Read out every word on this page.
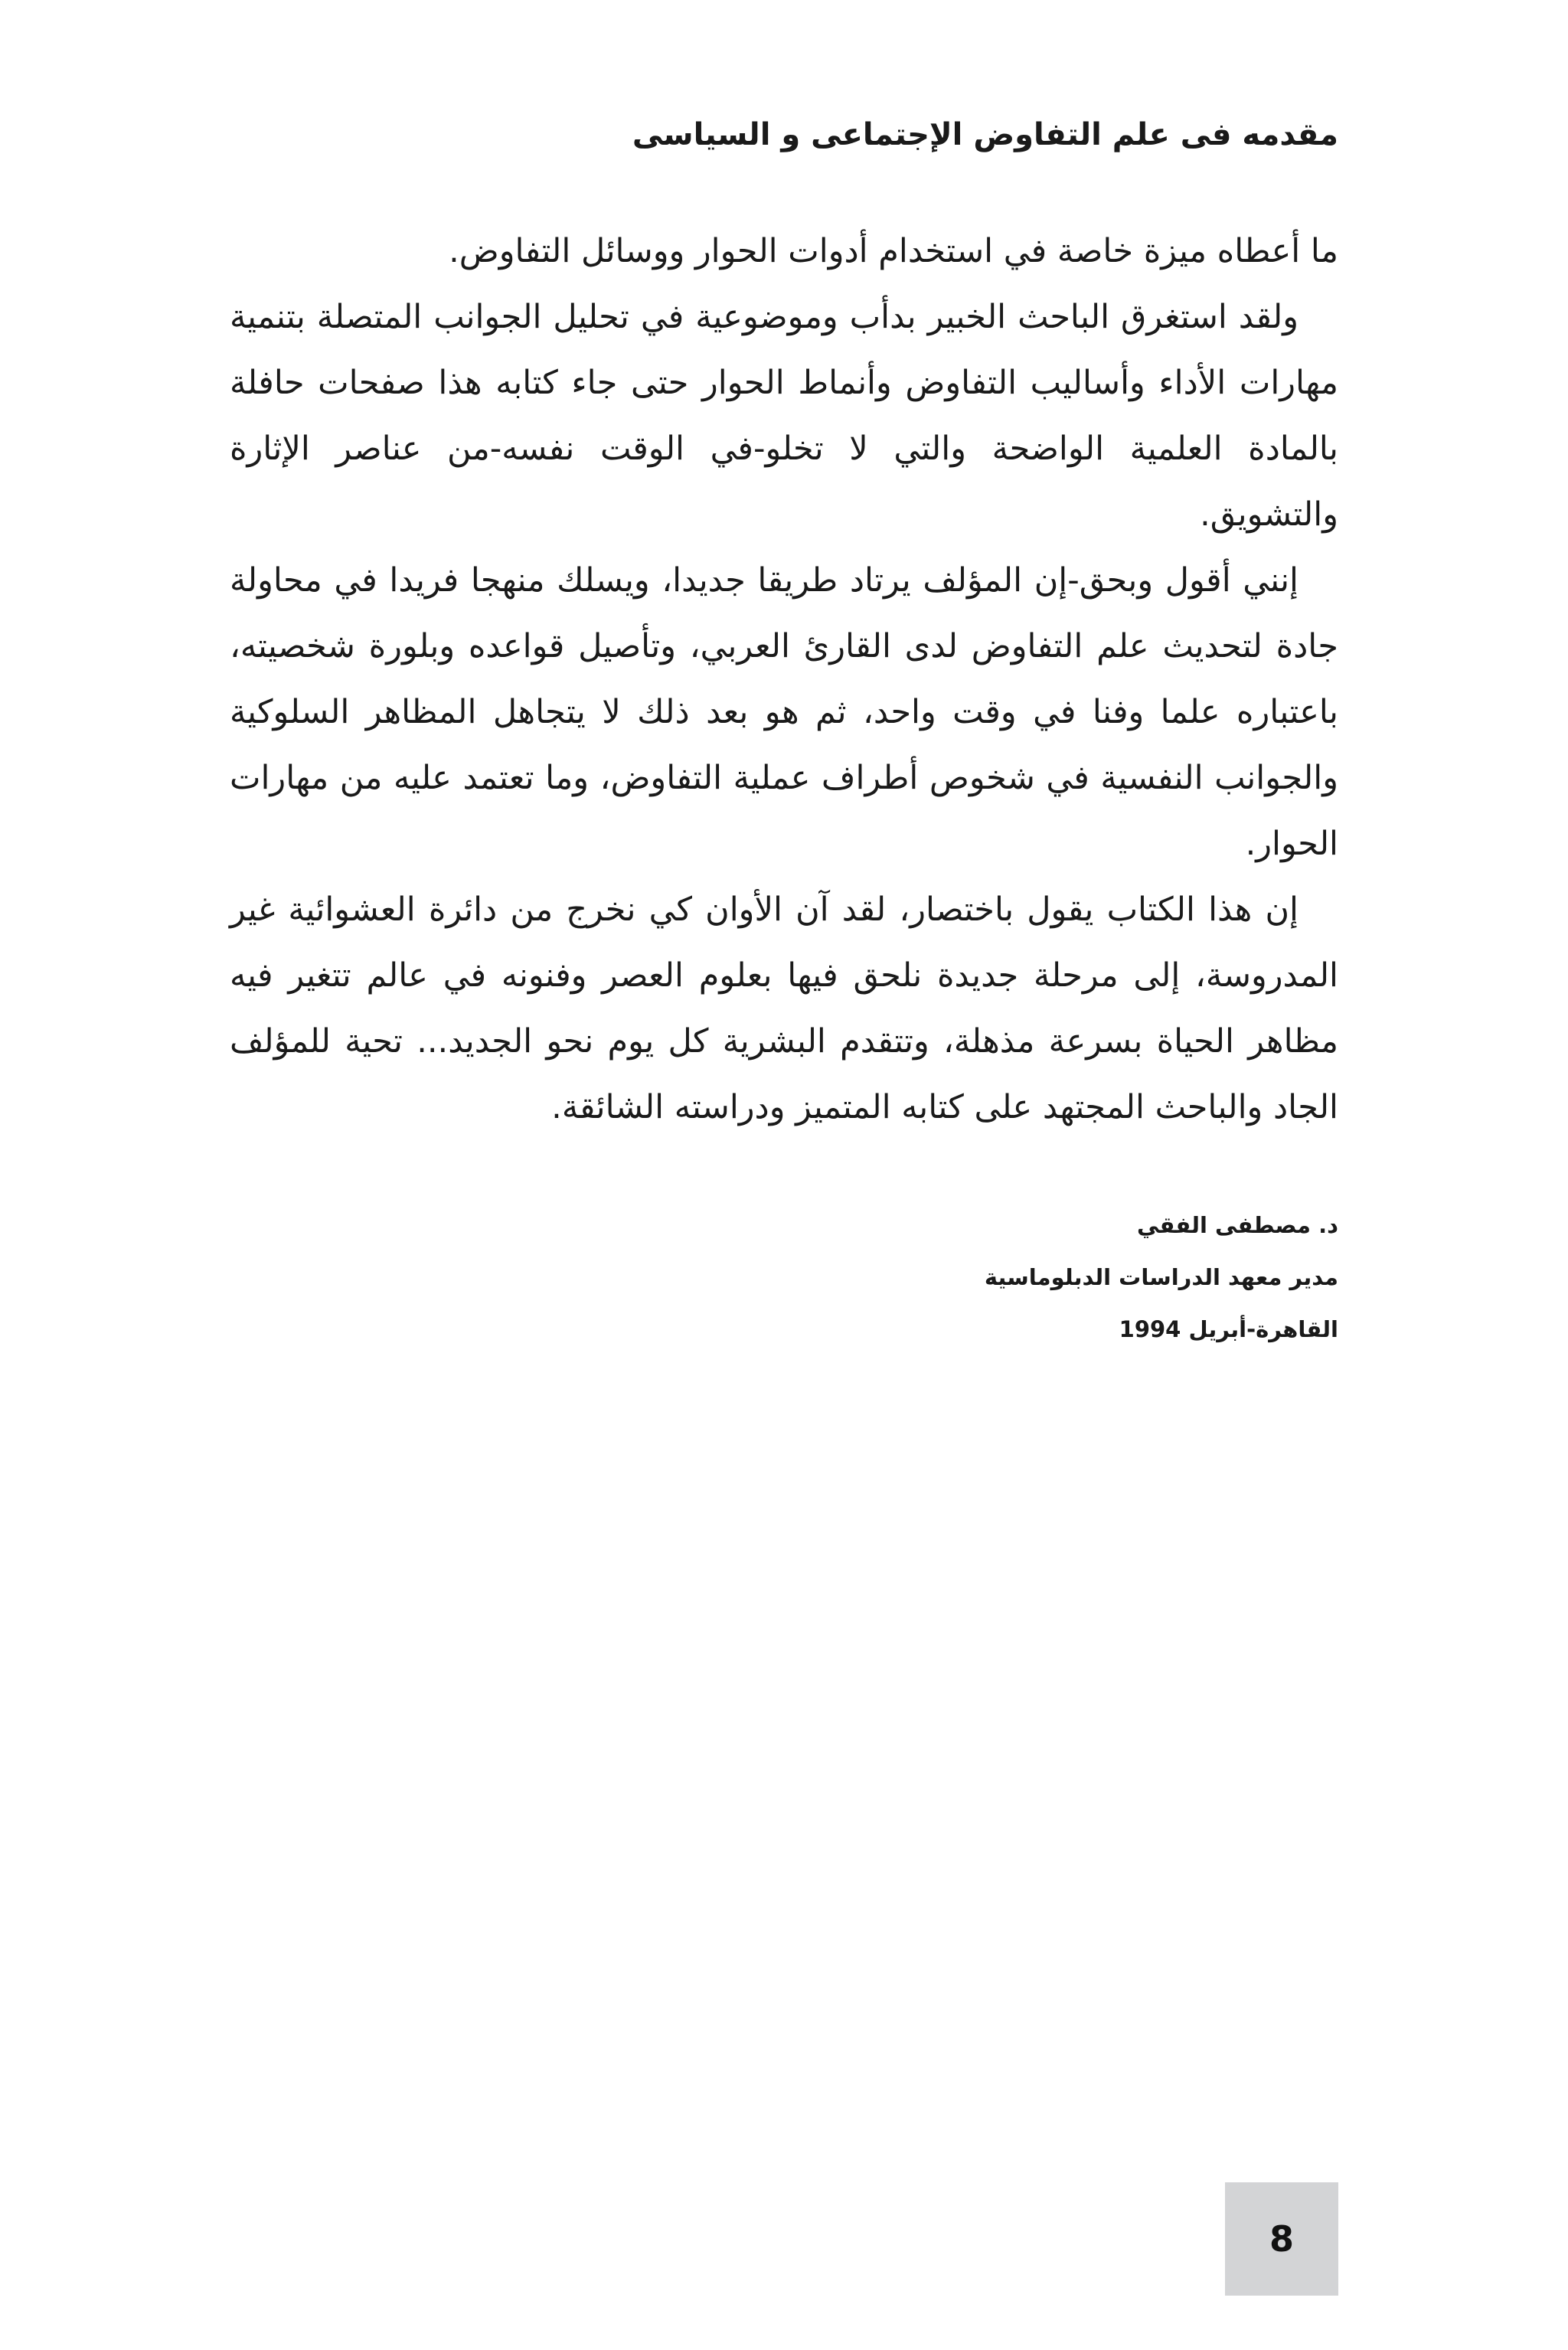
مقدمه فى علم التفاوض الإجتماعى و السياسى

ما أعطاه ميزة خاصة في استخدام أدوات الحوار ووسائل التفاوض.

ولقد استغرق الباحث الخبير بدأب وموضوعية في تحليل الجوانب المتصلة بتنمية مهارات الأداء وأساليب التفاوض وأنماط الحوار حتى جاء كتابه هذا صفحات حافلة بالمادة العلمية الواضحة والتي لا تخلو-في الوقت نفسه-من عناصر الإثارة والتشويق.

إنني أقول وبحق-إن المؤلف يرتاد طريقا جديدا، ويسلك منهجا فريدا في محاولة جادة لتحديث علم التفاوض لدى القارئ العربي، وتأصيل قواعده وبلورة شخصيته، باعتباره علما وفنا في وقت واحد، ثم هو بعد ذلك لا يتجاهل المظاهر السلوكية والجوانب النفسية في شخوص أطراف عملية التفاوض، وما تعتمد عليه من مهارات الحوار.

إن هذا الكتاب يقول باختصار، لقد آن الأوان كي نخرج من دائرة العشوائية غير المدروسة، إلى مرحلة جديدة نلحق فيها بعلوم العصر وفنونه في عالم تتغير فيه مظاهر الحياة بسرعة مذهلة، وتتقدم البشرية كل يوم نحو الجديد... تحية للمؤلف الجاد والباحث المجتهد على كتابه المتميز ودراسته الشائقة.

د. مصطفى الفقي
مدير معهد الدراسات الدبلوماسية
القاهرة-أبريل 1994
8
